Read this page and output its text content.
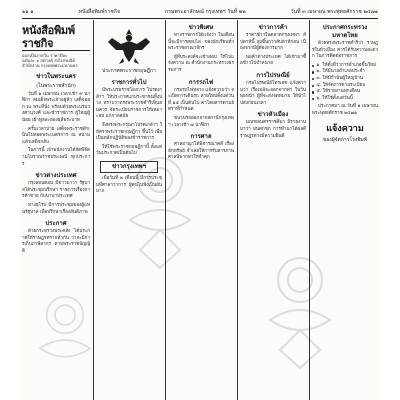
๑๑ ๑	หนังสือพิมพ์ราชกิจ	กรมพระอาลักษณ์ กรุงเทพฯ วันที่ ๒๒	วันที่ ๓ เมษายน พระพุทธศักราช ๒๔๗๑
หนังสือพิมพ์ราชกิจ
ออกเป็นรายวัน ราคาปีละ
ฉบับละ ๑ สตางค์ ส่งไปรษณีย์
สำนักงาน กรุงเทพพระมหานคร
ข่าวในพระนคร
(ในพระราชสำนัก)

วันที่ ๑ เมษายน เวลาเช้า ๙ นาฬิกา สมเด็จพระเจ้าอยู่หัว เสด็จออก ณ พระที่นั่ง พร้อมด้วยพระบรมวงศานุวงศ์ และข้าราชการ ผู้ใหญ่ผู้น้อย เฝ้าทูลละอองธุลีพระบาท

ครั้นเวลาบ่าย เสด็จพระราชดำเนินไปทอดพระเนตรการ ณ สนาม แล้วเสด็จกลับ

ในการนี้ เจ้าพนักงานได้จัดพิธีตามโบราณราชประเพณี ทุกประการ

ข่าวต่างประเทศ

กรุงลอนดอน มีข่าวมาว่า รัฐบาลได้ประชุมปรึกษา ราชการเรื่องการค้าขาย กับนานาประเทศ

ทางยุโรป มีการประชุมของผู้แทนรัฐบาล เพื่อปรึกษาเรื่องสันติภาพ

ประกาศ

ด้วยกระทรวงพระคลัง ได้ประกาศให้ราษฎรทราบทั่วกัน ว่าจะมีการเก็บภาษีอากร ตามพระราชบัญญัติ

ประกาศพระราชกฤษฎีกา
ราชการทั่วไป

มีพระบรมราชโองการ โปรดเกล้าฯ ให้ประกาศแก่ประชาชนทั้งปวง ทราบว่าทรงพระราชดำริเห็นสมควร จัดระเบียบราชการให้เหมาะสม แก่กาลสมัย

จึงทรงพระกรุณาโปรดเกล้าฯ ให้ตราพระราชกฤษฎีกา ขึ้นไว้ เพื่อเป็นหลักปฏิบัติของข้าราชการ

ให้ใช้พระราชกฤษฎีกานี้ ตั้งแต่วันประกาศเป็นต้นไป

ข่าวกรุงเทพฯ

เมื่อวันที่ ๒ เดือนนี้ มีการประชุมที่ศาลาว่าการ ผู้คนไปฟังเป็นอันมาก

ข่าวพิเศษ

ทางราชการได้แจ้งว่า ในเดือนนี้จะมีการสอบไล่ ของนักเรียนทั่วพระราชอาณาจักร

ผู้ที่ประสงค์จะเข้าสอบ ให้ไปแจ้งความ ณ สำนักงานกระทรวงธรรมการ

การรถไฟ

กรมรถไฟหลวง แจ้งความว่า จะเปิดการเดินรถ สายใหม่ตั้งแต่วันที่ ๑๕ เป็นต้นไป ค่าโดยสารตามอัตราที่กำหนด

ขบวนรถออกจากสถานีกรุงเทพฯ เวลาเช้า ๗ นาฬิกา

การศาล

ศาลอาญาได้พิจารณาคดี เรื่องลักทรัพย์ จำเลยให้การรับสารภาพ ศาลพิพากษาให้จำคุก

ข่าวการค้า

ราคาข้าวในตลาดกรุงเทพฯ สัปดาห์นี้ สูงขึ้นกว่าสัปดาห์ก่อน เนื่องจากมีผู้ต้องการมาก

พ่อค้าต่างประเทศ ได้เข้ามาซื้อข้าวไปจำหน่าย

การไปรษณีย์

กรมไปรษณีย์โทรเลข แจ้งความว่า เรือเมล์จะออกจากท่า ในวันพุธหน้า ผู้ที่จะส่งจดหมาย ให้นำไปส่งก่อนเวลา

ข่าวหัวเมือง

มณฑลนครราชสีมา มีรายงานมาว่า ฝนตกชุก การทำนาได้ผลดี ราษฎรต่างมีความยินดี

ประกาศกระทรวงมหาดไทย

ด้วยทรงพระราชดำริว่า ราษฎรในหัวเมือง ควรได้รับความสะดวก ในการติดต่อราชการ

๑. ให้ตั้งที่ว่าการอำเภอขึ้นใหม่
๒. ให้มีนายอำเภอประจำ
๓. ให้มีกำนันผู้ใหญ่บ้าน
๔. ให้จัดการตามระเบียบ
๕. ให้รายงานทุกเดือน
๖. ให้ใช้ตั้งแต่วันนี้

ประกาศมา ณ วันที่ ๑ เมษายน พระพุทธศักราช ๒๔๗๑

แจ้งความ
ของผู้จัดการโรงพิมพ์
